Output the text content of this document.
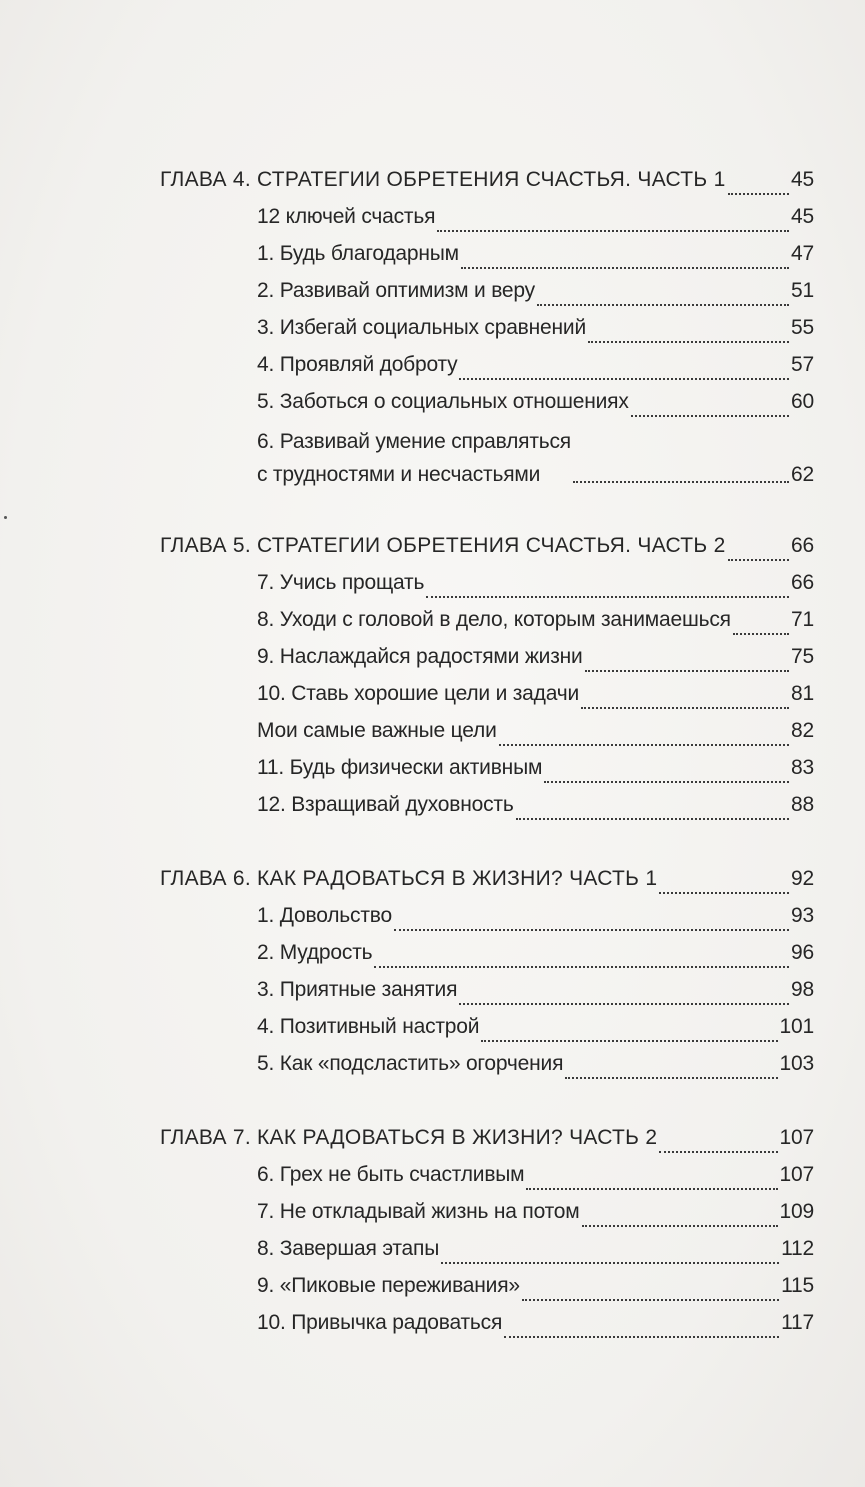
ГЛАВА 4. СТРАТЕГИИ ОБРЕТЕНИЯ СЧАСТЬЯ. ЧАСТЬ 1	45
12 ключей счастья	45
1. Будь благодарным	47
2. Развивай оптимизм и веру	51
3. Избегай социальных сравнений	55
4. Проявляй доброту	57
5. Заботься о социальных отношениях	60
6. Развивай умение справляться
с трудностями и несчастьями	62
ГЛАВА 5. СТРАТЕГИИ ОБРЕТЕНИЯ СЧАСТЬЯ. ЧАСТЬ 2	66
7. Учись прощать	66
8. Уходи с головой в дело, которым занимаешься	71
9. Наслаждайся радостями жизни	75
10. Ставь хорошие цели и задачи	81
Мои самые важные цели	82
11. Будь физически активным	83
12. Взращивай духовность	88
ГЛАВА 6. КАК РАДОВАТЬСЯ В ЖИЗНИ? ЧАСТЬ 1	92
1. Довольство	93
2. Мудрость	96
3. Приятные занятия	98
4. Позитивный настрой	101
5. Как «подсластить» огорчения	103
ГЛАВА 7. КАК РАДОВАТЬСЯ В ЖИЗНИ? ЧАСТЬ 2	107
6. Грех не быть счастливым	107
7. Не откладывай жизнь на потом	109
8. Завершая этапы	112
9. «Пиковые переживания»	115
10. Привычка радоваться	117
